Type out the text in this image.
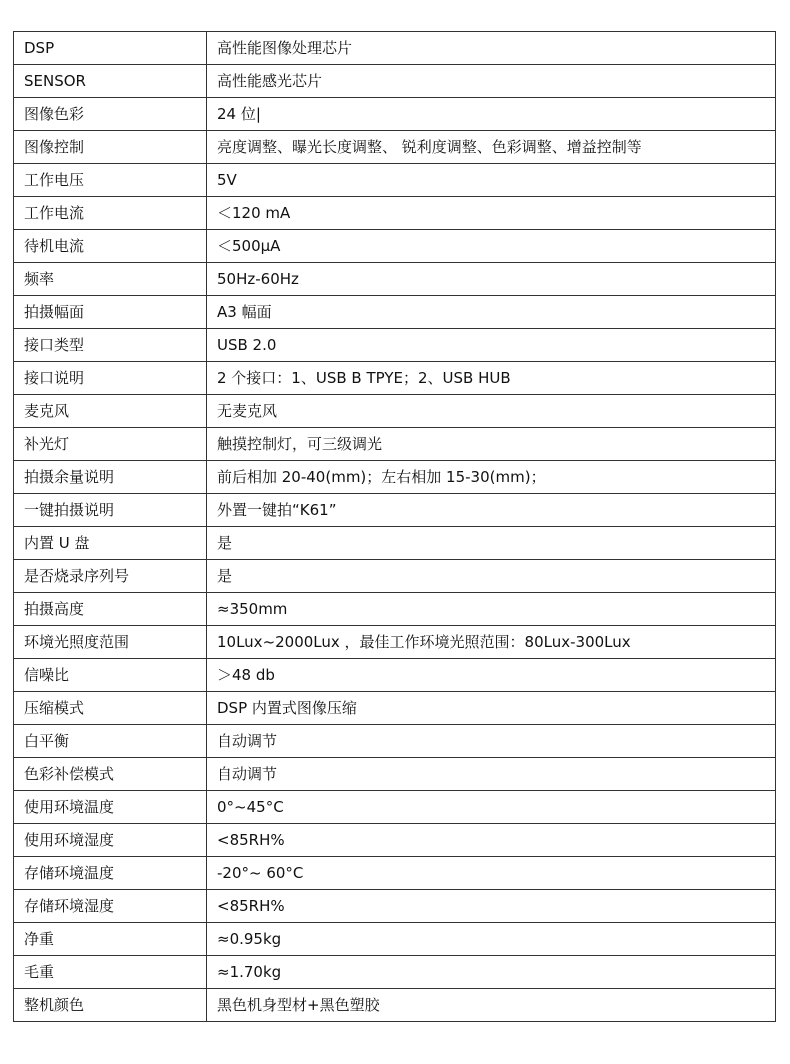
DSP	高性能图像处理芯片
SENSOR	高性能感光芯片
图像色彩	24 位|
图像控制	亮度调整、曝光长度调整、 锐利度调整、色彩调整、增益控制等
工作电压	5V
工作电流	＜120 mA
待机电流	＜500μA
频率	50Hz-60Hz
拍摄幅面	A3 幅面
接口类型	USB 2.0
接口说明	2 个接口：1、USB B TPYE；2、USB HUB
麦克风	无麦克风
补光灯	触摸控制灯，可三级调光
拍摄余量说明	前后相加 20-40(mm)；左右相加 15-30(mm)；
一键拍摄说明	外置一键拍“K61”
内置 U 盘	是
是否烧录序列号	是
拍摄高度	≈350mm
环境光照度范围	10Lux~2000Lux ，最佳工作环境光照范围：80Lux-300Lux
信噪比	＞48 db
压缩模式	DSP 内置式图像压缩
白平衡	自动调节
色彩补偿模式	自动调节
使用环境温度	0°~45°C
使用环境湿度	<85RH%
存储环境温度	-20°~ 60°C
存储环境湿度	<85RH%
净重	≈0.95kg
毛重	≈1.70kg
整机颜色	黑色机身型材+黑色塑胶
